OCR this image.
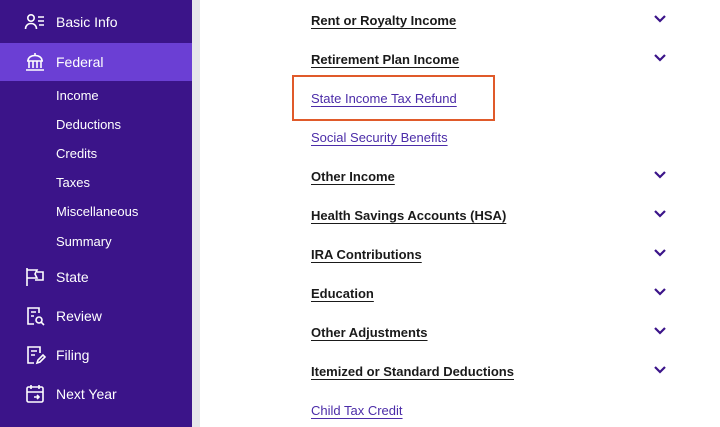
Basic Info
Federal
Income
Deductions
Credits
Taxes
Miscellaneous
Summary
State
Review
Filing
Next Year
Rent or Royalty Income
Retirement Plan Income
State Income Tax Refund
Social Security Benefits
Other Income
Health Savings Accounts (HSA)
IRA Contributions
Education
Other Adjustments
Itemized or Standard Deductions
Child Tax Credit
